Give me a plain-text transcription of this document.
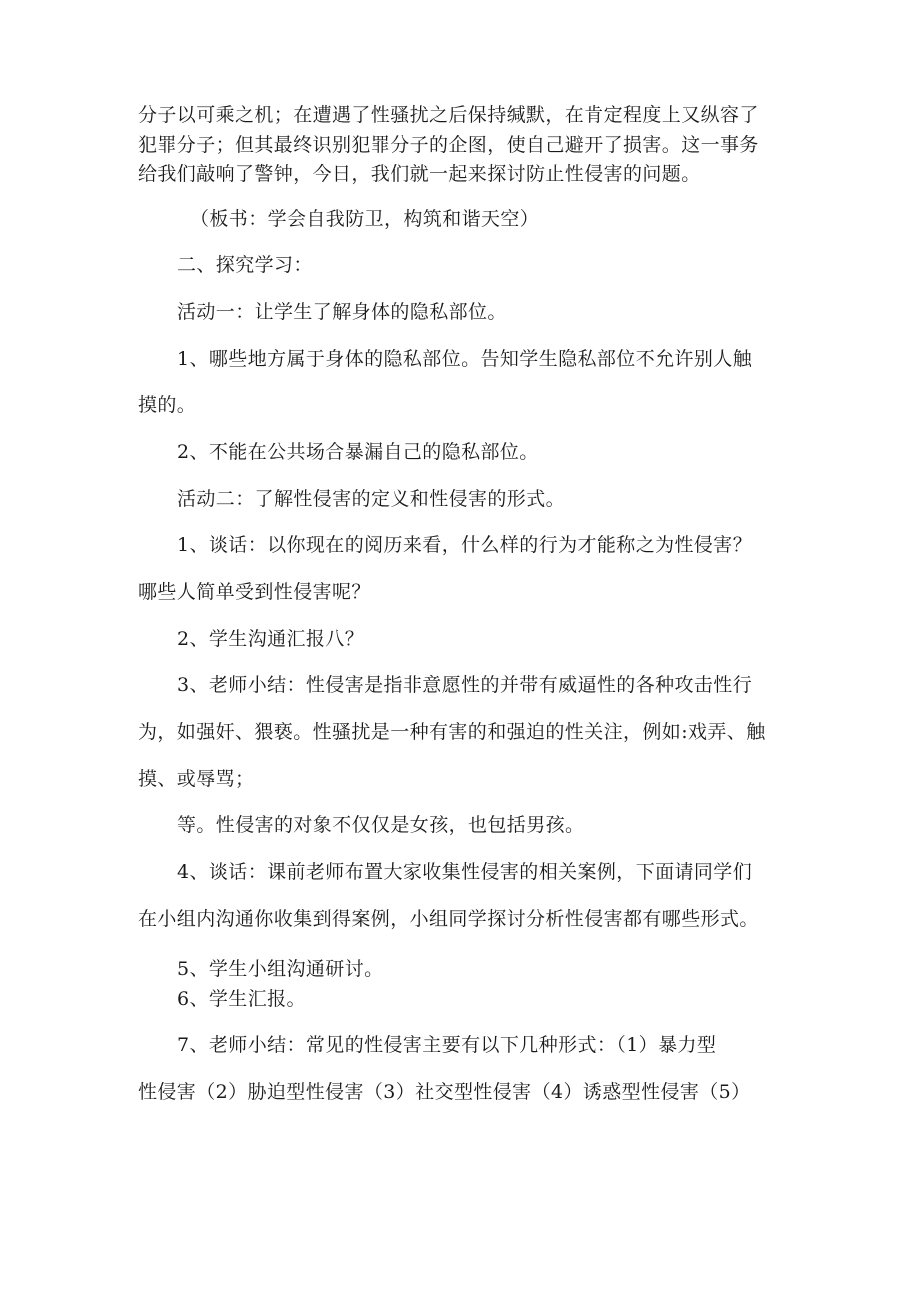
分子以可乘之机；在遭遇了性骚扰之后保持缄默，在肯定程度上又纵容了
犯罪分子；但其最终识别犯罪分子的企图，使自己避开了损害。这一事务
给我们敲响了警钟，今日，我们就一起来探讨防止性侵害的问题。
（板书：学会自我防卫，构筑和谐天空）
二、探究学习：
活动一：让学生了解身体的隐私部位。
1、哪些地方属于身体的隐私部位。告知学生隐私部位不允许别人触
摸的。
2、不能在公共场合暴漏自己的隐私部位。
活动二：了解性侵害的定义和性侵害的形式。
1、谈话：以你现在的阅历来看，什么样的行为才能称之为性侵害？
哪些人简单受到性侵害呢？
2、学生沟通汇报八？
3、老师小结：性侵害是指非意愿性的并带有威逼性的各种攻击性行
为，如强奸、猥亵。性骚扰是一种有害的和强迫的性关注，例如:戏弄、触
摸、或辱骂；
等。性侵害的对象不仅仅是女孩，也包括男孩。
4、谈话：课前老师布置大家收集性侵害的相关案例，下面请同学们
在小组内沟通你收集到得案例，小组同学探讨分析性侵害都有哪些形式。
5、学生小组沟通研讨。
6、学生汇报。
7、老师小结：常见的性侵害主要有以下几种形式：（1）暴力型
性侵害（2）胁迫型性侵害（3）社交型性侵害（4）诱惑型性侵害（5）
